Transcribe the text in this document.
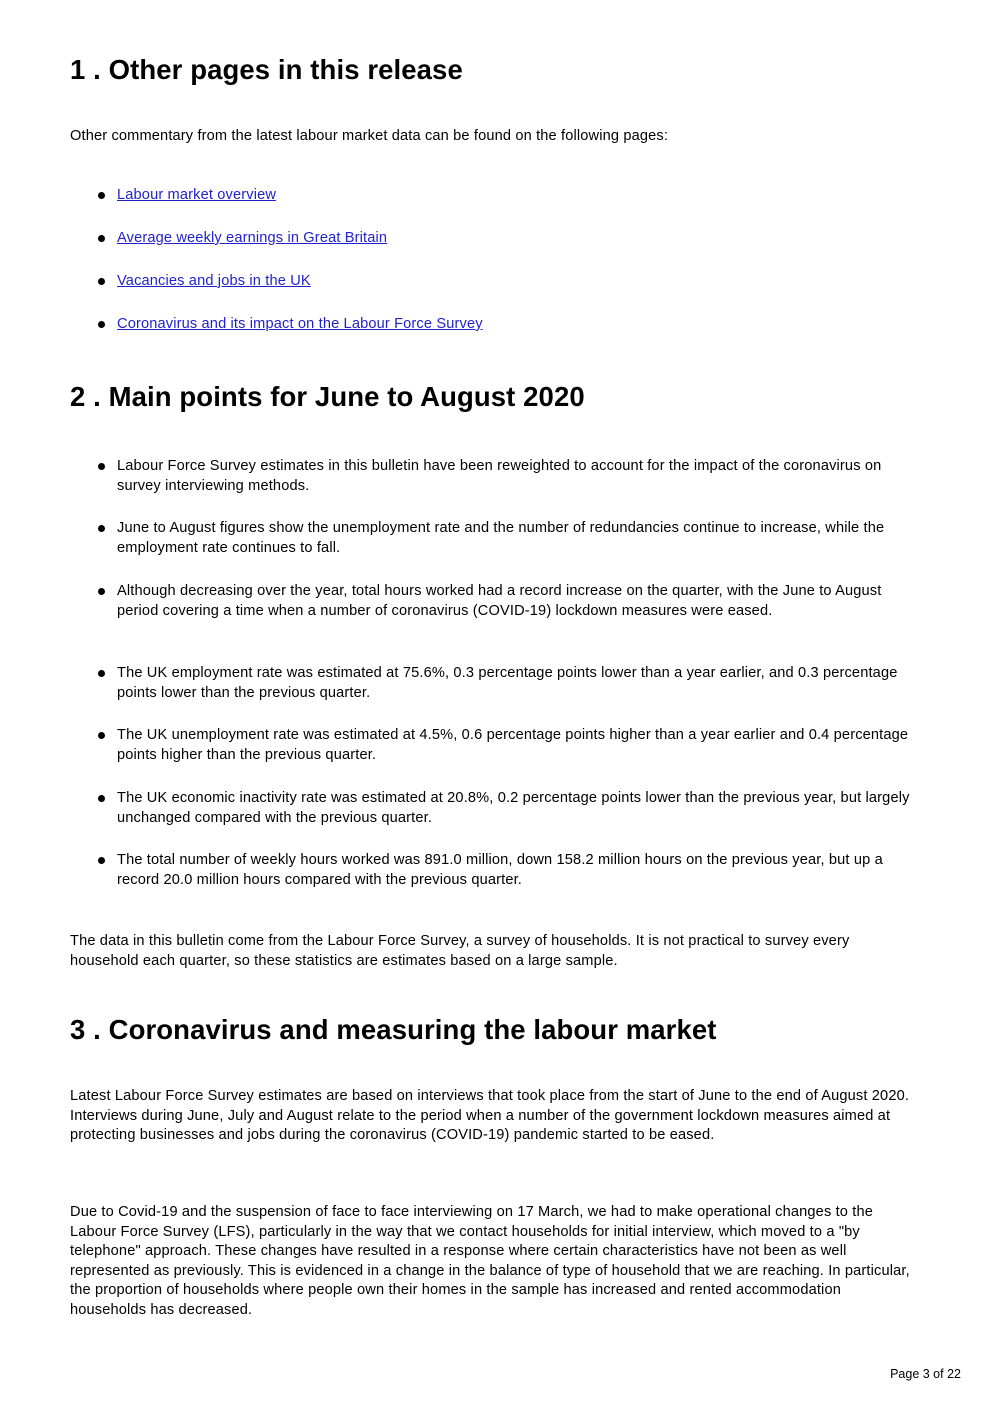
1 . Other pages in this release

Other commentary from the latest labour market data can be found on the following pages:

Labour market overview
Average weekly earnings in Great Britain
Vacancies and jobs in the UK
Coronavirus and its impact on the Labour Force Survey
2 . Main points for June to August 2020
Labour Force Survey estimates in this bulletin have been reweighted to account for the impact of the coronavirus on survey interviewing methods.
June to August figures show the unemployment rate and the number of redundancies continue to increase, while the employment rate continues to fall.
Although decreasing over the year, total hours worked had a record increase on the quarter, with the June to August period covering a time when a number of coronavirus (COVID-19) lockdown measures were eased.
The UK employment rate was estimated at 75.6%, 0.3 percentage points lower than a year earlier, and 0.3 percentage points lower than the previous quarter.
The UK unemployment rate was estimated at 4.5%, 0.6 percentage points higher than a year earlier and 0.4 percentage points higher than the previous quarter.
The UK economic inactivity rate was estimated at 20.8%, 0.2 percentage points lower than the previous year, but largely unchanged compared with the previous quarter.
The total number of weekly hours worked was 891.0 million, down 158.2 million hours on the previous year, but up a record 20.0 million hours compared with the previous quarter.

The data in this bulletin come from the Labour Force Survey, a survey of households. It is not practical to survey every household each quarter, so these statistics are estimates based on a large sample.

3 . Coronavirus and measuring the labour market

Latest Labour Force Survey estimates are based on interviews that took place from the start of June to the end of August 2020. Interviews during June, July and August relate to the period when a number of the government lockdown measures aimed at protecting businesses and jobs during the coronavirus (COVID-19) pandemic started to be eased.

Due to Covid-19 and the suspension of face to face interviewing on 17 March, we had to make operational changes to the Labour Force Survey (LFS), particularly in the way that we contact households for initial interview, which moved to a "by telephone" approach. These changes have resulted in a response where certain characteristics have not been as well represented as previously. This is evidenced in a change in the balance of type of household that we are reaching. In particular, the proportion of households where people own their homes in the sample has increased and rented accommodation households has decreased.

Page 3 of 22
